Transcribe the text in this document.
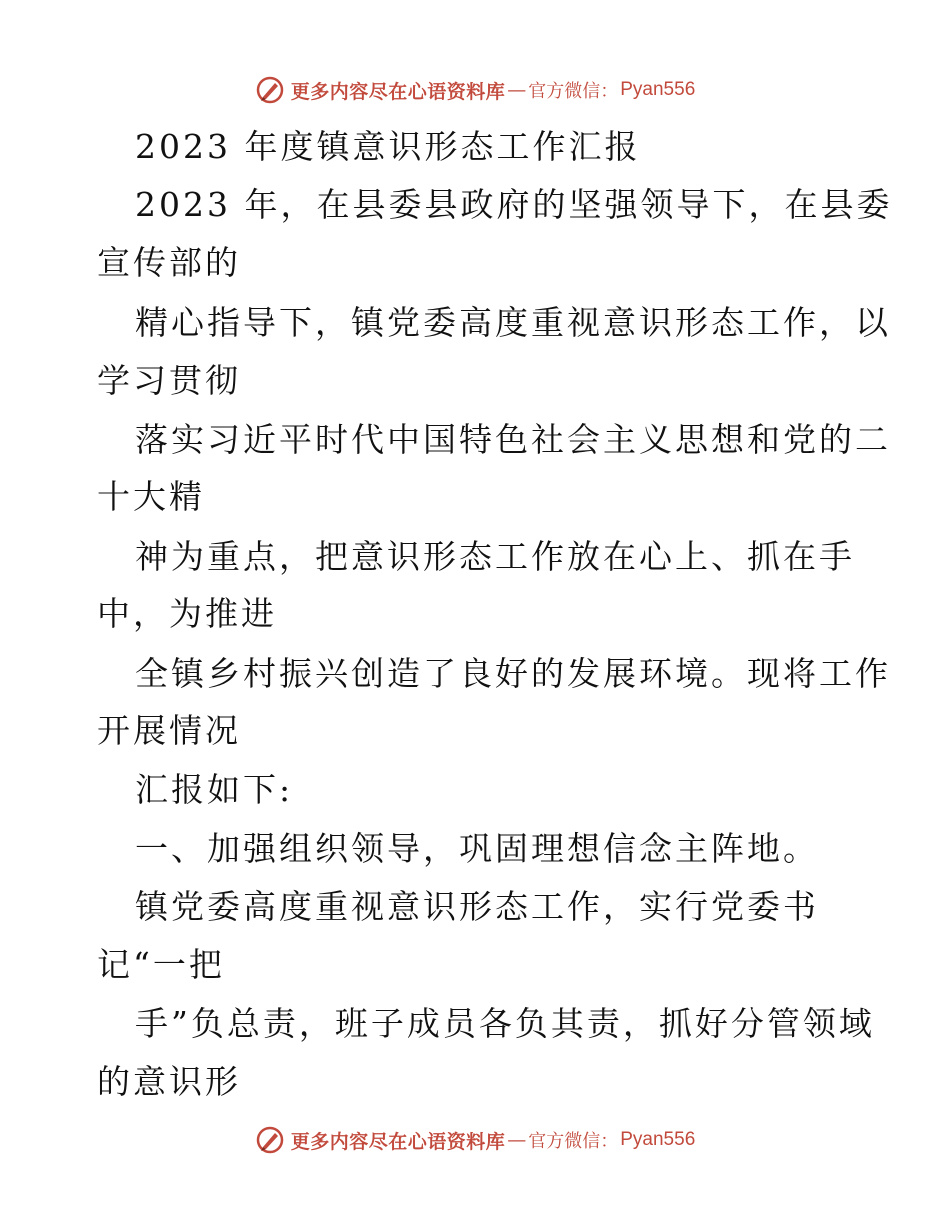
更多内容尽在心语资料库 — 官方微信： Pyan556
2023 年度镇意识形态工作汇报
2023 年，在县委县政府的坚强领导下，在县委
宣传部的
精心指导下，镇党委高度重视意识形态工作，以
学习贯彻
落实习近平时代中国特色社会主义思想和党的二
十大精
神为重点，把意识形态工作放在心上、抓在手
中，为推进
全镇乡村振兴创造了良好的发展环境。现将工作
开展情况
汇报如下:
一、加强组织领导，巩固理想信念主阵地。
镇党委高度重视意识形态工作，实行党委书
记“一把
手”负总责，班子成员各负其责，抓好分管领域
的意识形
更多内容尽在心语资料库 — 官方微信： Pyan556
